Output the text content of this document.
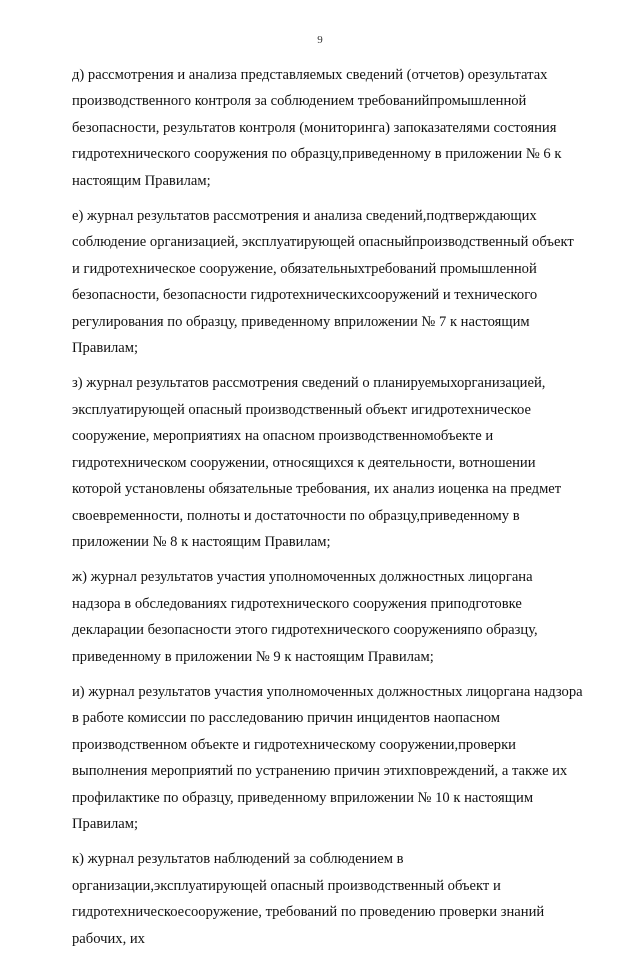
9
д) рассмотрения и анализа представляемых сведений (отчетов) орезультатах производственного контроля за соблюдением требованийпромышленной безопасности, результатов контроля (мониторинга) запоказателями состояния гидротехнического сооружения по образцу,приведенному в приложении № 6 к настоящим Правилам;
е) журнал результатов рассмотрения и анализа сведений,подтверждающих соблюдение организацией, эксплуатирующей опасныйпроизводственный объект и гидротехническое сооружение, обязательныхтребований промышленной безопасности, безопасности гидротехническихсооружений и технического регулирования по образцу, приведенному вприложении № 7 к настоящим Правилам;
з) журнал результатов рассмотрения сведений о планируемыхорганизацией, эксплуатирующей опасный производственный объект игидротехническое сооружение, мероприятиях на опасном производственномобъекте и гидротехническом сооружении, относящихся к деятельности, вотношении которой установлены обязательные требования, их анализ иоценка на предмет своевременности, полноты и достаточности по образцу,приведенному в приложении № 8 к настоящим Правилам;
ж) журнал результатов участия уполномоченных должностных лицоргана надзора в обследованиях гидротехнического сооружения приподготовке декларации безопасности этого гидротехнического сооруженияпо образцу, приведенному в приложении № 9 к настоящим Правилам;
и) журнал результатов участия уполномоченных должностных лицоргана надзора в работе комиссии по расследованию причин инцидентов наопасном производственном объекте и гидротехническому сооружении,проверки выполнения мероприятий по устранению причин этихповреждений, а также их профилактике по образцу, приведенному вприложении № 10 к настоящим Правилам;
к) журнал результатов наблюдений за соблюдением в организации,эксплуатирующей опасный производственный объект и гидротехническоесооружение, требований по проведению проверки знаний рабочих, их
